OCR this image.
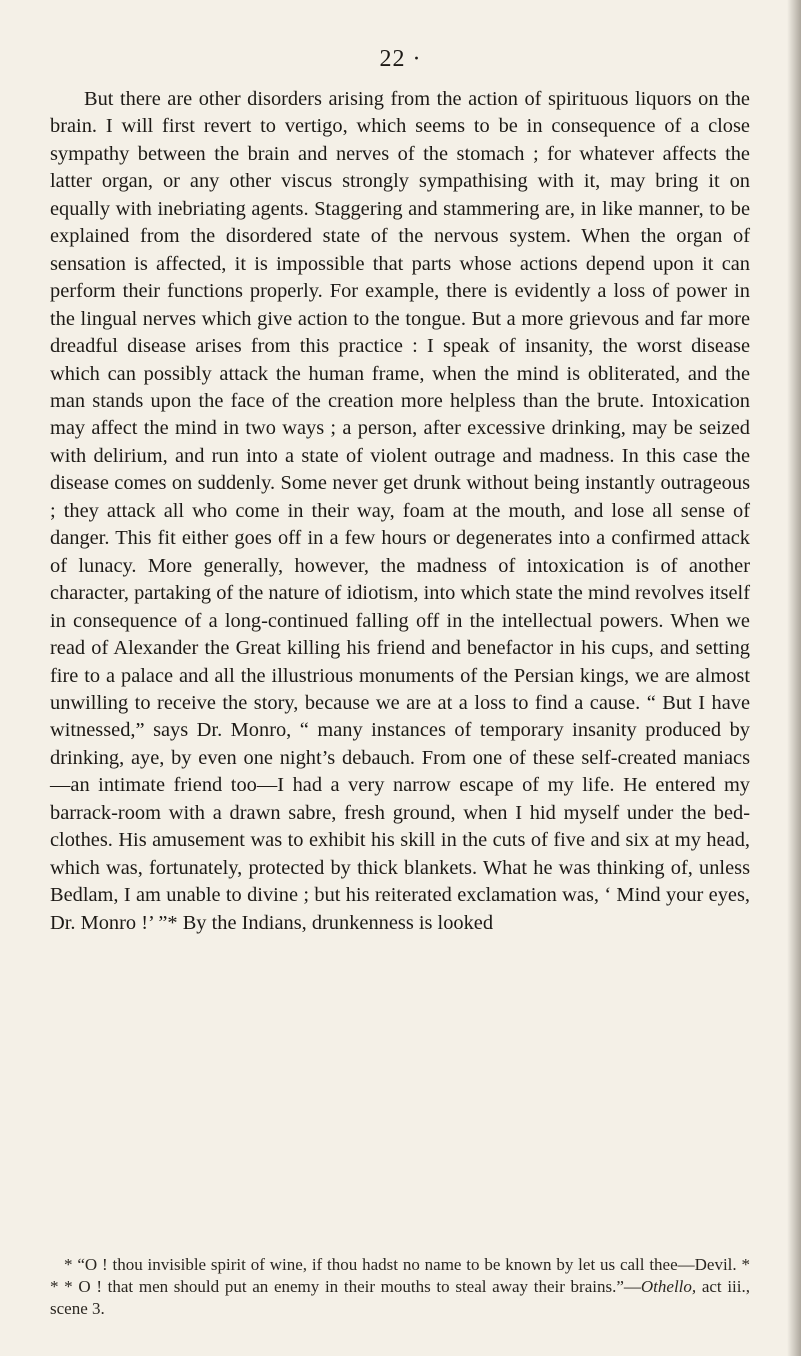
22 ·

But there are other disorders arising from the action of spirituous liquors on the brain. I will first revert to vertigo, which seems to be in consequence of a close sympathy between the brain and nerves of the stomach ; for whatever affects the latter organ, or any other viscus strongly sympathising with it, may bring it on equally with inebriating agents. Staggering and stammering are, in like manner, to be explained from the disordered state of the nervous system. When the organ of sensation is affected, it is impossible that parts whose actions depend upon it can perform their functions properly. For example, there is evidently a loss of power in the lingual nerves which give action to the tongue. But a more grievous and far more dreadful disease arises from this practice : I speak of insanity, the worst disease which can possibly attack the human frame, when the mind is obliterated, and the man stands upon the face of the creation more helpless than the brute. Intoxication may affect the mind in two ways ; a person, after excessive drinking, may be seized with delirium, and run into a state of violent outrage and madness. In this case the disease comes on suddenly. Some never get drunk without being instantly outrageous ; they attack all who come in their way, foam at the mouth, and lose all sense of danger. This fit either goes off in a few hours or degenerates into a confirmed attack of lunacy. More generally, however, the madness of intoxication is of another character, partaking of the nature of idiotism, into which state the mind revolves itself in consequence of a long-continued falling off in the intellectual powers. When we read of Alexander the Great killing his friend and benefactor in his cups, and setting fire to a palace and all the illustrious monuments of the Persian kings, we are almost unwilling to receive the story, because we are at a loss to find a cause. “ But I have witnessed,” says Dr. Monro, “ many instances of temporary insanity produced by drinking, aye, by even one night’s debauch. From one of these self-created maniacs—an intimate friend too—I had a very narrow escape of my life. He entered my barrack-room with a drawn sabre, fresh ground, when I hid myself under the bed-clothes. His amusement was to exhibit his skill in the cuts of five and six at my head, which was, fortunately, protected by thick blankets. What he was thinking of, unless Bedlam, I am unable to divine ; but his reiterated exclamation was, ‘ Mind your eyes, Dr. Monro !’ ”* By the Indians, drunkenness is looked

* “O ! thou invisible spirit of wine, if thou hadst no name to be known by let us call thee—Devil. * * * O ! that men should put an enemy in their mouths to steal away their brains.”—Othello, act iii., scene 3.
